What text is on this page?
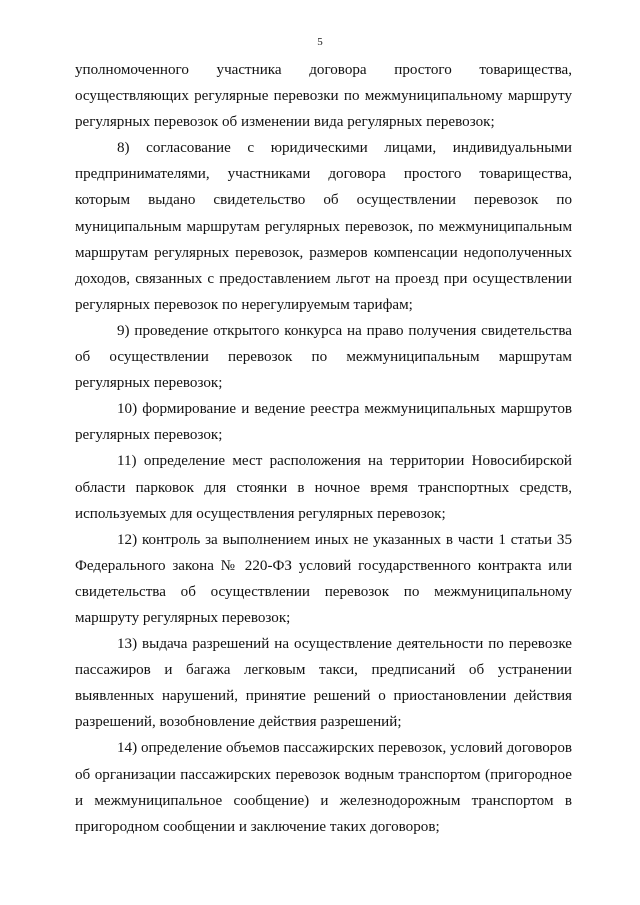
5

уполномоченного участника договора простого товарищества, осуществляющих регулярные перевозки по межмуниципальному маршруту регулярных перевозок об изменении вида регулярных перевозок;

8) согласование с юридическими лицами, индивидуальными предпринимателями, участниками договора простого товарищества, которым выдано свидетельство об осуществлении перевозок по муниципальным маршрутам регулярных перевозок, по межмуниципальным маршрутам регулярных перевозок, размеров компенсации недополученных доходов, связанных с предоставлением льгот на проезд при осуществлении регулярных перевозок по нерегулируемым тарифам;

9) проведение открытого конкурса на право получения свидетельства об осуществлении перевозок по межмуниципальным маршрутам регулярных перевозок;

10) формирование и ведение реестра межмуниципальных маршрутов регулярных перевозок;

11) определение мест расположения на территории Новосибирской области парковок для стоянки в ночное время транспортных средств, используемых для осуществления регулярных перевозок;

12) контроль за выполнением иных не указанных в части 1 статьи 35 Федерального закона № 220-ФЗ условий государственного контракта или свидетельства об осуществлении перевозок по межмуниципальному маршруту регулярных перевозок;

13) выдача разрешений на осуществление деятельности по перевозке пассажиров и багажа легковым такси, предписаний об устранении выявленных нарушений, принятие решений о приостановлении действия разрешений, возобновление действия разрешений;

14) определение объемов пассажирских перевозок, условий договоров об организации пассажирских перевозок водным транспортом (пригородное и межмуниципальное сообщение) и железнодорожным транспортом в пригородном сообщении и заключение таких договоров;
